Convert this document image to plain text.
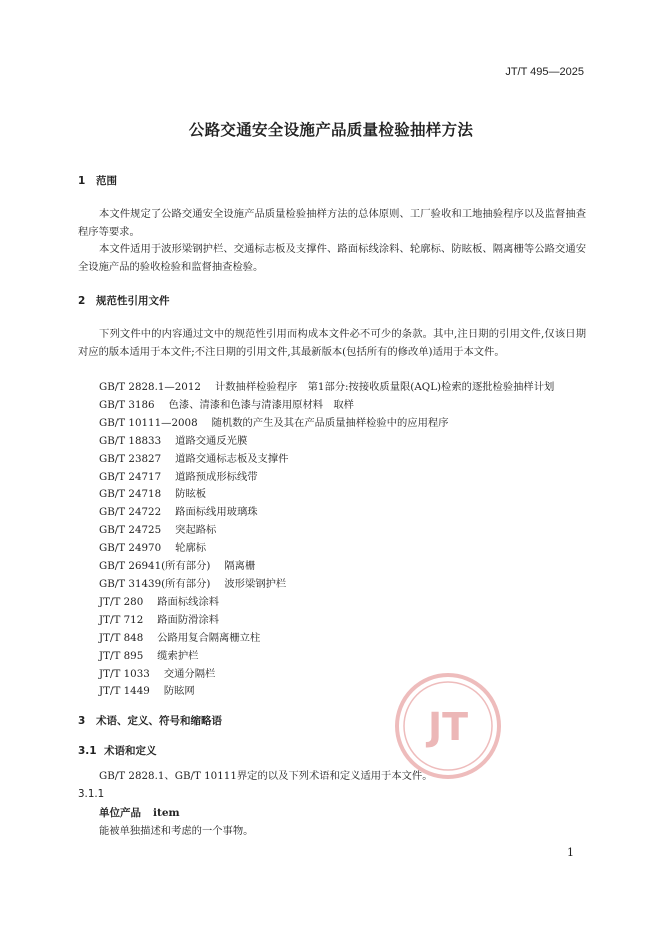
JT/T 495—2025
公路交通安全设施产品质量检验抽样方法
1 范围
本文件规定了公路交通安全设施产品质量检验抽样方法的总体原则、工厂验收和工地抽验程序以及监督抽查程序等要求。
本文件适用于波形梁钢护栏、交通标志板及支撑件、路面标线涂料、轮廓标、防眩板、隔离栅等公路交通安全设施产品的验收检验和监督抽查检验。
2 规范性引用文件
下列文件中的内容通过文中的规范性引用而构成本文件必不可少的条款。其中,注日期的引用文件,仅该日期对应的版本适用于本文件;不注日期的引用文件,其最新版本(包括所有的修改单)适用于本文件。
GB/T 2828.1—2012 计数抽样检验程序　第1部分:按接收质量限(AQL)检索的逐批检验抽样计划
GB/T 3186 色漆、清漆和色漆与清漆用原材料　取样
GB/T 10111—2008 随机数的产生及其在产品质量抽样检验中的应用程序
GB/T 18833 道路交通反光膜
GB/T 23827 道路交通标志板及支撑件
GB/T 24717 道路预成形标线带
GB/T 24718 防眩板
GB/T 24722 路面标线用玻璃珠
GB/T 24725 突起路标
GB/T 24970 轮廓标
GB/T 26941(所有部分) 隔离栅
GB/T 31439(所有部分) 波形梁钢护栏
JT/T 280 路面标线涂料
JT/T 712 路面防滑涂料
JT/T 848 公路用复合隔离栅立柱
JT/T 895 缆索护栏
JT/T 1033 交通分隔栏
JT/T 1449 防眩网
3 术语、定义、符号和缩略语
3.1 术语和定义
GB/T 2828.1、GB/T 10111界定的以及下列术语和定义适用于本文件。
3.1.1
单位产品 item
能被单独描述和考虑的一个事物。
JT
1
